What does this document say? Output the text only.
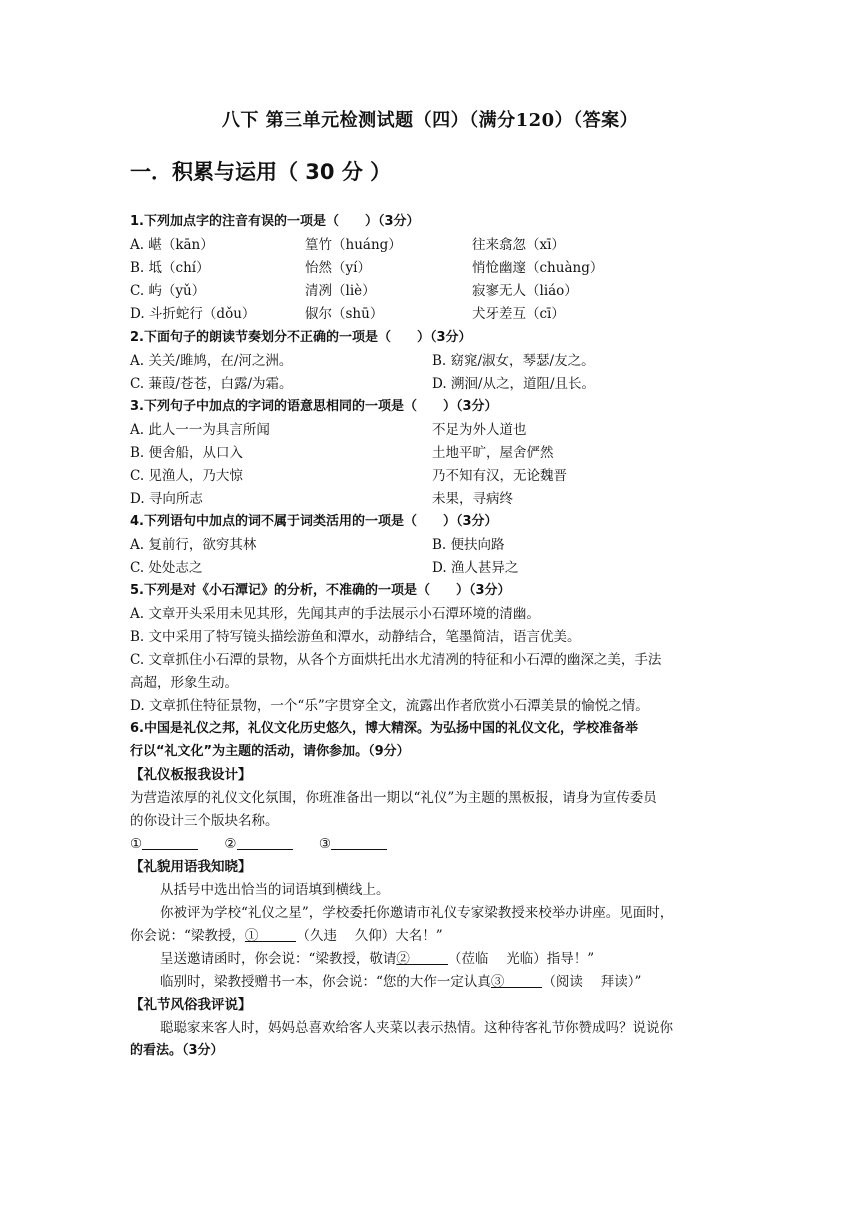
八下 第三单元检测试题（四）（满分120）（答案）
一．积累与运用（ 30 分 ）
1.下列加点字的注音有误的一项是（　　）（3分）
A. 嵁（kān）	篁竹（huáng）	往来翕忽（xī）
B. 坻（chí）	怡然（yí）	悄怆幽邃（chuàng）
C. 屿（yǔ）	清冽（liè）	寂寥无人（liáo）
D. 斗折蛇行（dǒu）	俶尔（shū）	犬牙差互（cī）
2.下面句子的朗读节奏划分不正确的一项是（　　）（3分）
A. 关关/雎鸠，在/河之洲。	B. 窈窕/淑女，琴瑟/友之。
C. 蒹葭/苍苍，白露/为霜。	D. 溯洄/从之，道阻/且长。
3.下列句子中加点的字词的语意思相同的一项是（　　）（3分）
A. 此人一一为具言所闻	不足为外人道也
B. 便舍船，从口入	土地平旷，屋舍俨然
C. 见渔人，乃大惊	乃不知有汉，无论魏晋
D. 寻向所志	未果，寻病终
4.下列语句中加点的词不属于词类活用的一项是（　　）（3分）
A. 复前行，欲穷其林	B. 便扶向路
C. 处处志之	D. 渔人甚异之
5.下列是对《小石潭记》的分析，不准确的一项是（　　）（3分）
A. 文章开头采用未见其形，先闻其声的手法展示小石潭环境的清幽。
B. 文中采用了特写镜头描绘游鱼和潭水，动静结合，笔墨简洁，语言优美。
C. 文章抓住小石潭的景物，从各个方面烘托出水尤清冽的特征和小石潭的幽深之美，手法
高超，形象生动。
D. 文章抓住特征景物，一个“乐”字贯穿全文，流露出作者欣赏小石潭美景的愉悦之情。
6.中国是礼仪之邦，礼仪文化历史悠久，博大精深。为弘扬中国的礼仪文化，学校准备举
行以“礼文化”为主题的活动，请你参加。（9分）
【礼仪板报我设计】
为营造浓厚的礼仪文化氛围，你班准备出一期以“礼仪”为主题的黑板报，请身为宣传委员
的你设计三个版块名称。
①	②	③
【礼貌用语我知晓】
从括号中选出恰当的词语填到横线上。
你被评为学校“礼仪之星”，学校委托你邀请市礼仪专家梁教授来校举办讲座。见面时，
你会说：“梁教授，①	（久违　 久仰）大名！”
呈送邀请函时，你会说：“梁教授，敬请②	（莅临　 光临）指导！”
临别时，梁教授赠书一本，你会说：“您的大作一定认真③	（阅读　 拜读）”
【礼节风俗我评说】
聪聪家来客人时，妈妈总喜欢给客人夹菜以表示热情。这种待客礼节你赞成吗？说说你
的看法。（3分）
